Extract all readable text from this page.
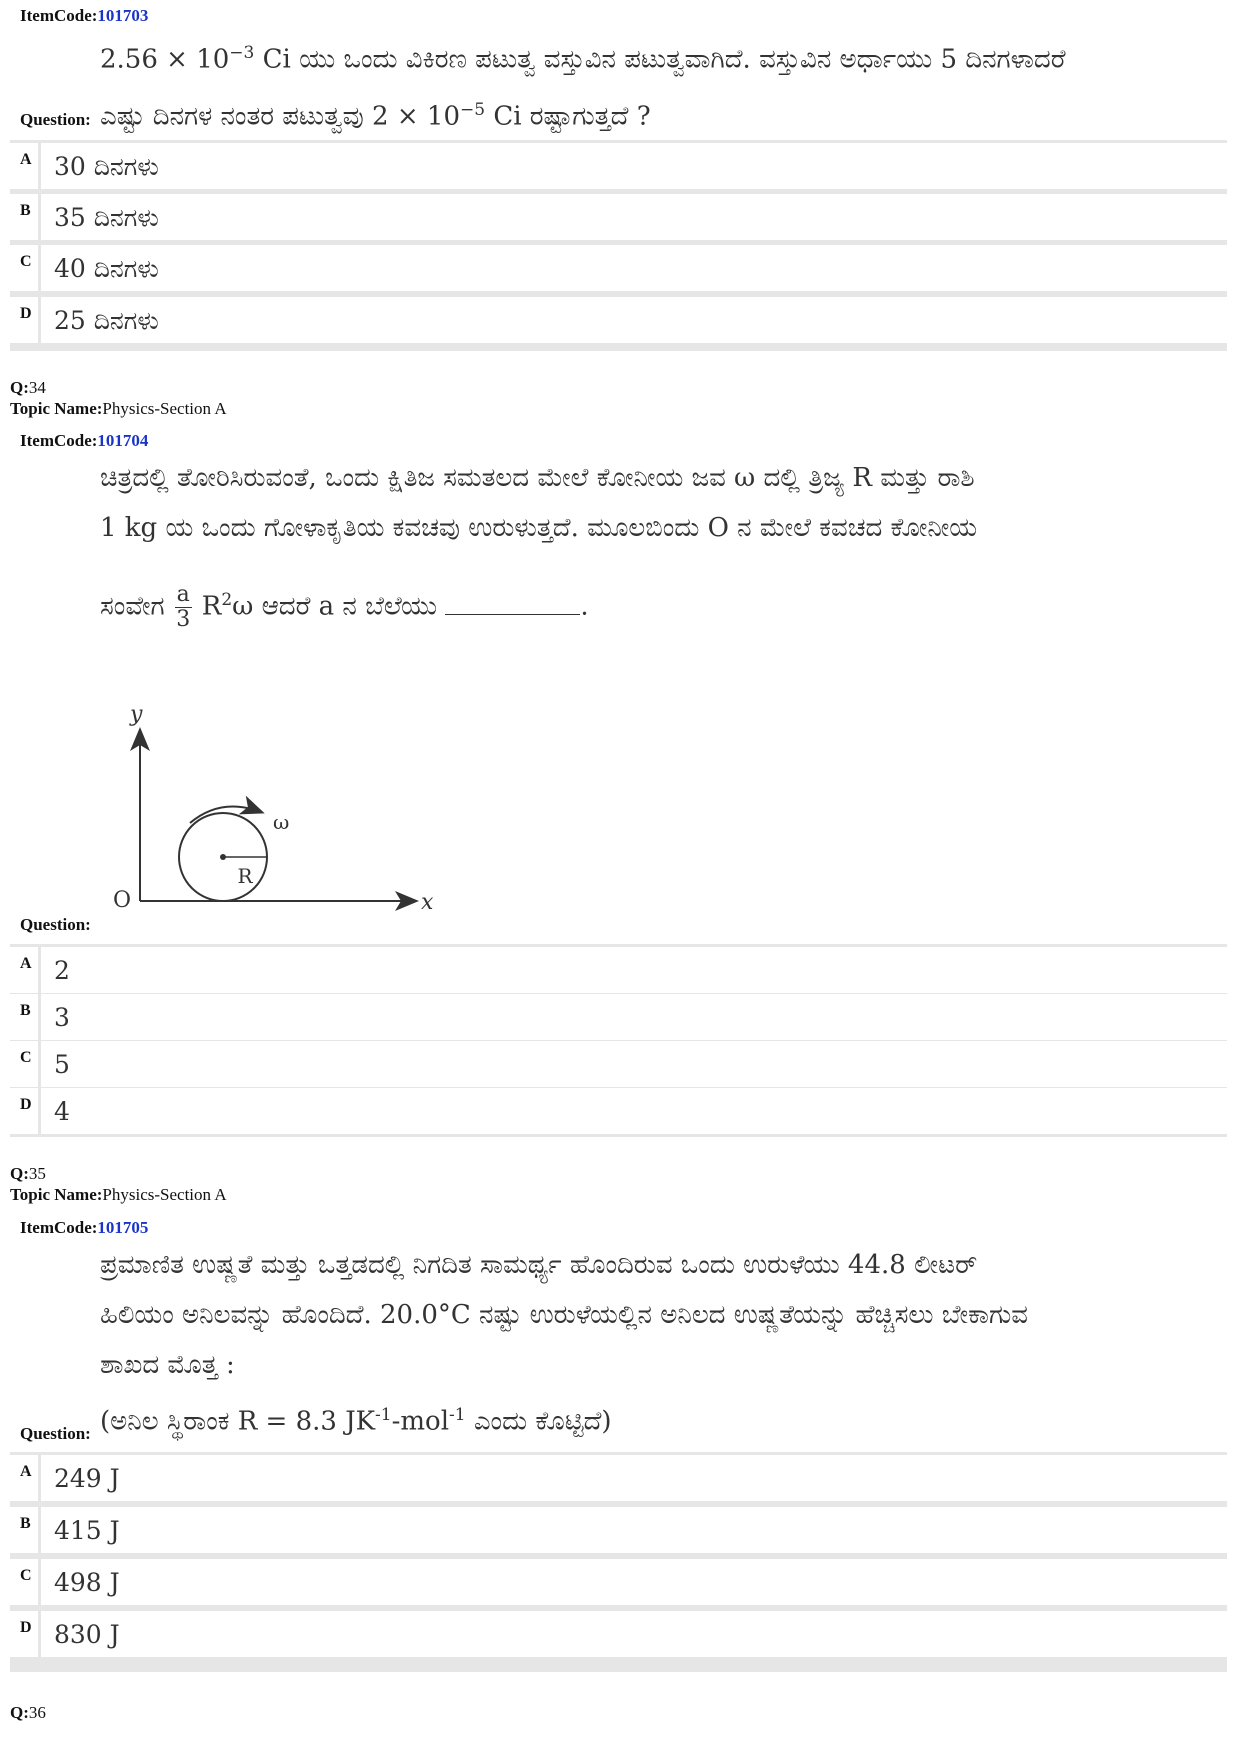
ItemCode:101703
$2.56 \times 10^{-3}$ Ci ಯು ಒಂದು ವಿಕಿರಣ ಪಟುತ್ವ ವಸ್ತುವಿನ ಪಟುತ್ವವಾಗಿದೆ. ವಸ್ತುವಿನ ಅರ್ಧಾಯು 5 ದಿನಗಳಾದರೆ
ಎಷ್ಟು ದಿನಗಳ ನಂತರ ಪಟುತ್ವವು $2 \times 10^{-5}$ Ci ರಷ್ಟಾಗುತ್ತದೆ ?
Question:
A 30 ದಿನಗಳು
B 35 ದಿನಗಳು
C 40 ದಿನಗಳು
D 25 ದಿನಗಳು
Q:34
Topic Name:Physics-Section A
ItemCode:101704
ಚಿತ್ರದಲ್ಲಿ ತೋರಿಸಿರುವಂತೆ, ಒಂದು ಕ್ಷಿತಿಜ ಸಮತಲದ ಮೇಲೆ ಕೋನೀಯ ಜವ ω ದಲ್ಲಿ ತ್ರಿಜ್ಯ R ಮತ್ತು ರಾಶಿ
1 kg ಯ ಒಂದು ಗೋಳಾಕೃತಿಯ ಕವಚವು ಉರುಳುತ್ತದೆ. ಮೂಲಬಿಂದು O ನ ಮೇಲೆ ಕವಚದ ಕೋನೀಯ
ಸಂವೇಗ $\frac{a}{3} R^2\omega$ ಆದರೆ a ನ ಬೆಲೆಯು	.
y
x
O
R
ω
Question:
A 2
B 3
C 5
D 4
Q:35
Topic Name:Physics-Section A
ItemCode:101705
ಪ್ರಮಾಣಿತ ಉಷ್ಣತೆ ಮತ್ತು ಒತ್ತಡದಲ್ಲಿ ನಿಗದಿತ ಸಾಮರ್ಥ್ಯ ಹೊಂದಿರುವ ಒಂದು ಉರುಳೆಯು 44.8 ಲೀಟರ್
ಹಿಲಿಯಂ ಅನಿಲವನ್ನು ಹೊಂದಿದೆ. 20.0°C ನಷ್ಟು ಉರುಳೆಯಲ್ಲಿನ ಅನಿಲದ ಉಷ್ಣತೆಯನ್ನು ಹೆಚ್ಚಿಸಲು ಬೇಕಾಗುವ
ಶಾಖದ ಮೊತ್ತ :
(ಅನಿಲ ಸ್ಥಿರಾಂಕ R = 8.3 $JK^{-1}-mol^{-1}$ ಎಂದು ಕೊಟ್ಟಿದೆ)
Question:
A 249 J
B 415 J
C 498 J
D 830 J
Q:36
